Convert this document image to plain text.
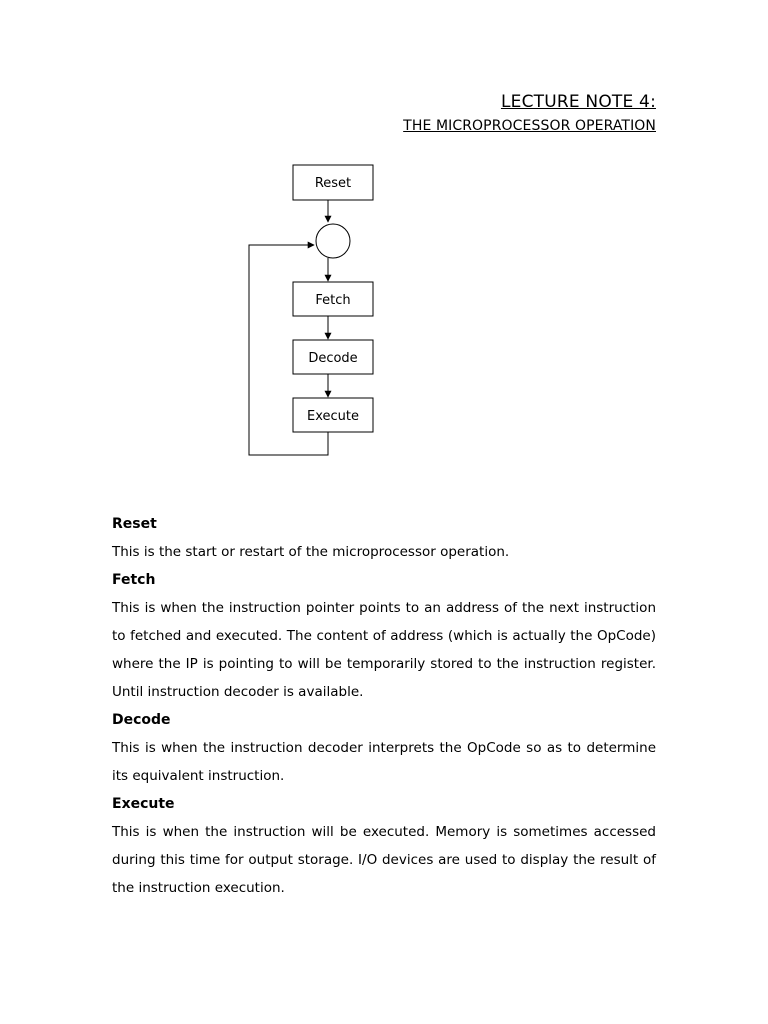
LECTURE NOTE 4:
THE MICROPROCESSOR OPERATION
Reset
Fetch
Decode
Execute
Reset
This is the start or restart of the microprocessor operation.
Fetch
This is when the instruction pointer points to an address of the next instruction to fetched and executed. The content of address (which is actually the OpCode) where the IP is pointing to will be temporarily stored to the instruction register. Until instruction decoder is available.
Decode
This is when the instruction decoder interprets the OpCode so as to determine its equivalent instruction.
Execute
This is when the instruction will be executed. Memory is sometimes accessed during this time for output storage. I/O devices are used to display the result of the instruction execution.
